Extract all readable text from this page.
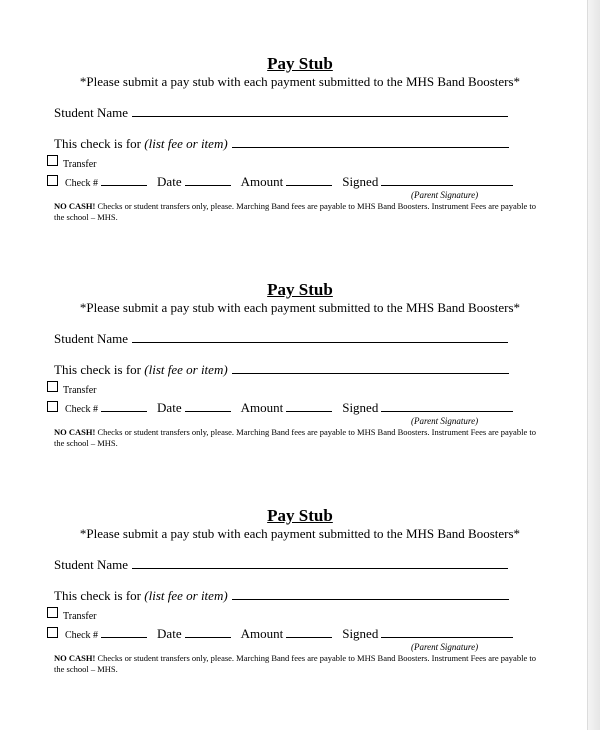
Pay Stub
*Please submit a pay stub with each payment submitted to the MHS Band Boosters*
Student Name
This check is for (list fee or item)
Transfer
Check #	Date	Amount	Signed
(Parent Signature)
NO CASH! Checks or student transfers only, please. Marching Band fees are payable to MHS Band Boosters. Instrument Fees are payable to the school – MHS.
Pay Stub
*Please submit a pay stub with each payment submitted to the MHS Band Boosters*
Student Name
This check is for (list fee or item)
Transfer
Check #	Date	Amount	Signed
(Parent Signature)
NO CASH! Checks or student transfers only, please. Marching Band fees are payable to MHS Band Boosters. Instrument Fees are payable to the school – MHS.
Pay Stub
*Please submit a pay stub with each payment submitted to the MHS Band Boosters*
Student Name
This check is for (list fee or item)
Transfer
Check #	Date	Amount	Signed
(Parent Signature)
NO CASH! Checks or student transfers only, please. Marching Band fees are payable to MHS Band Boosters. Instrument Fees are payable to the school – MHS.
